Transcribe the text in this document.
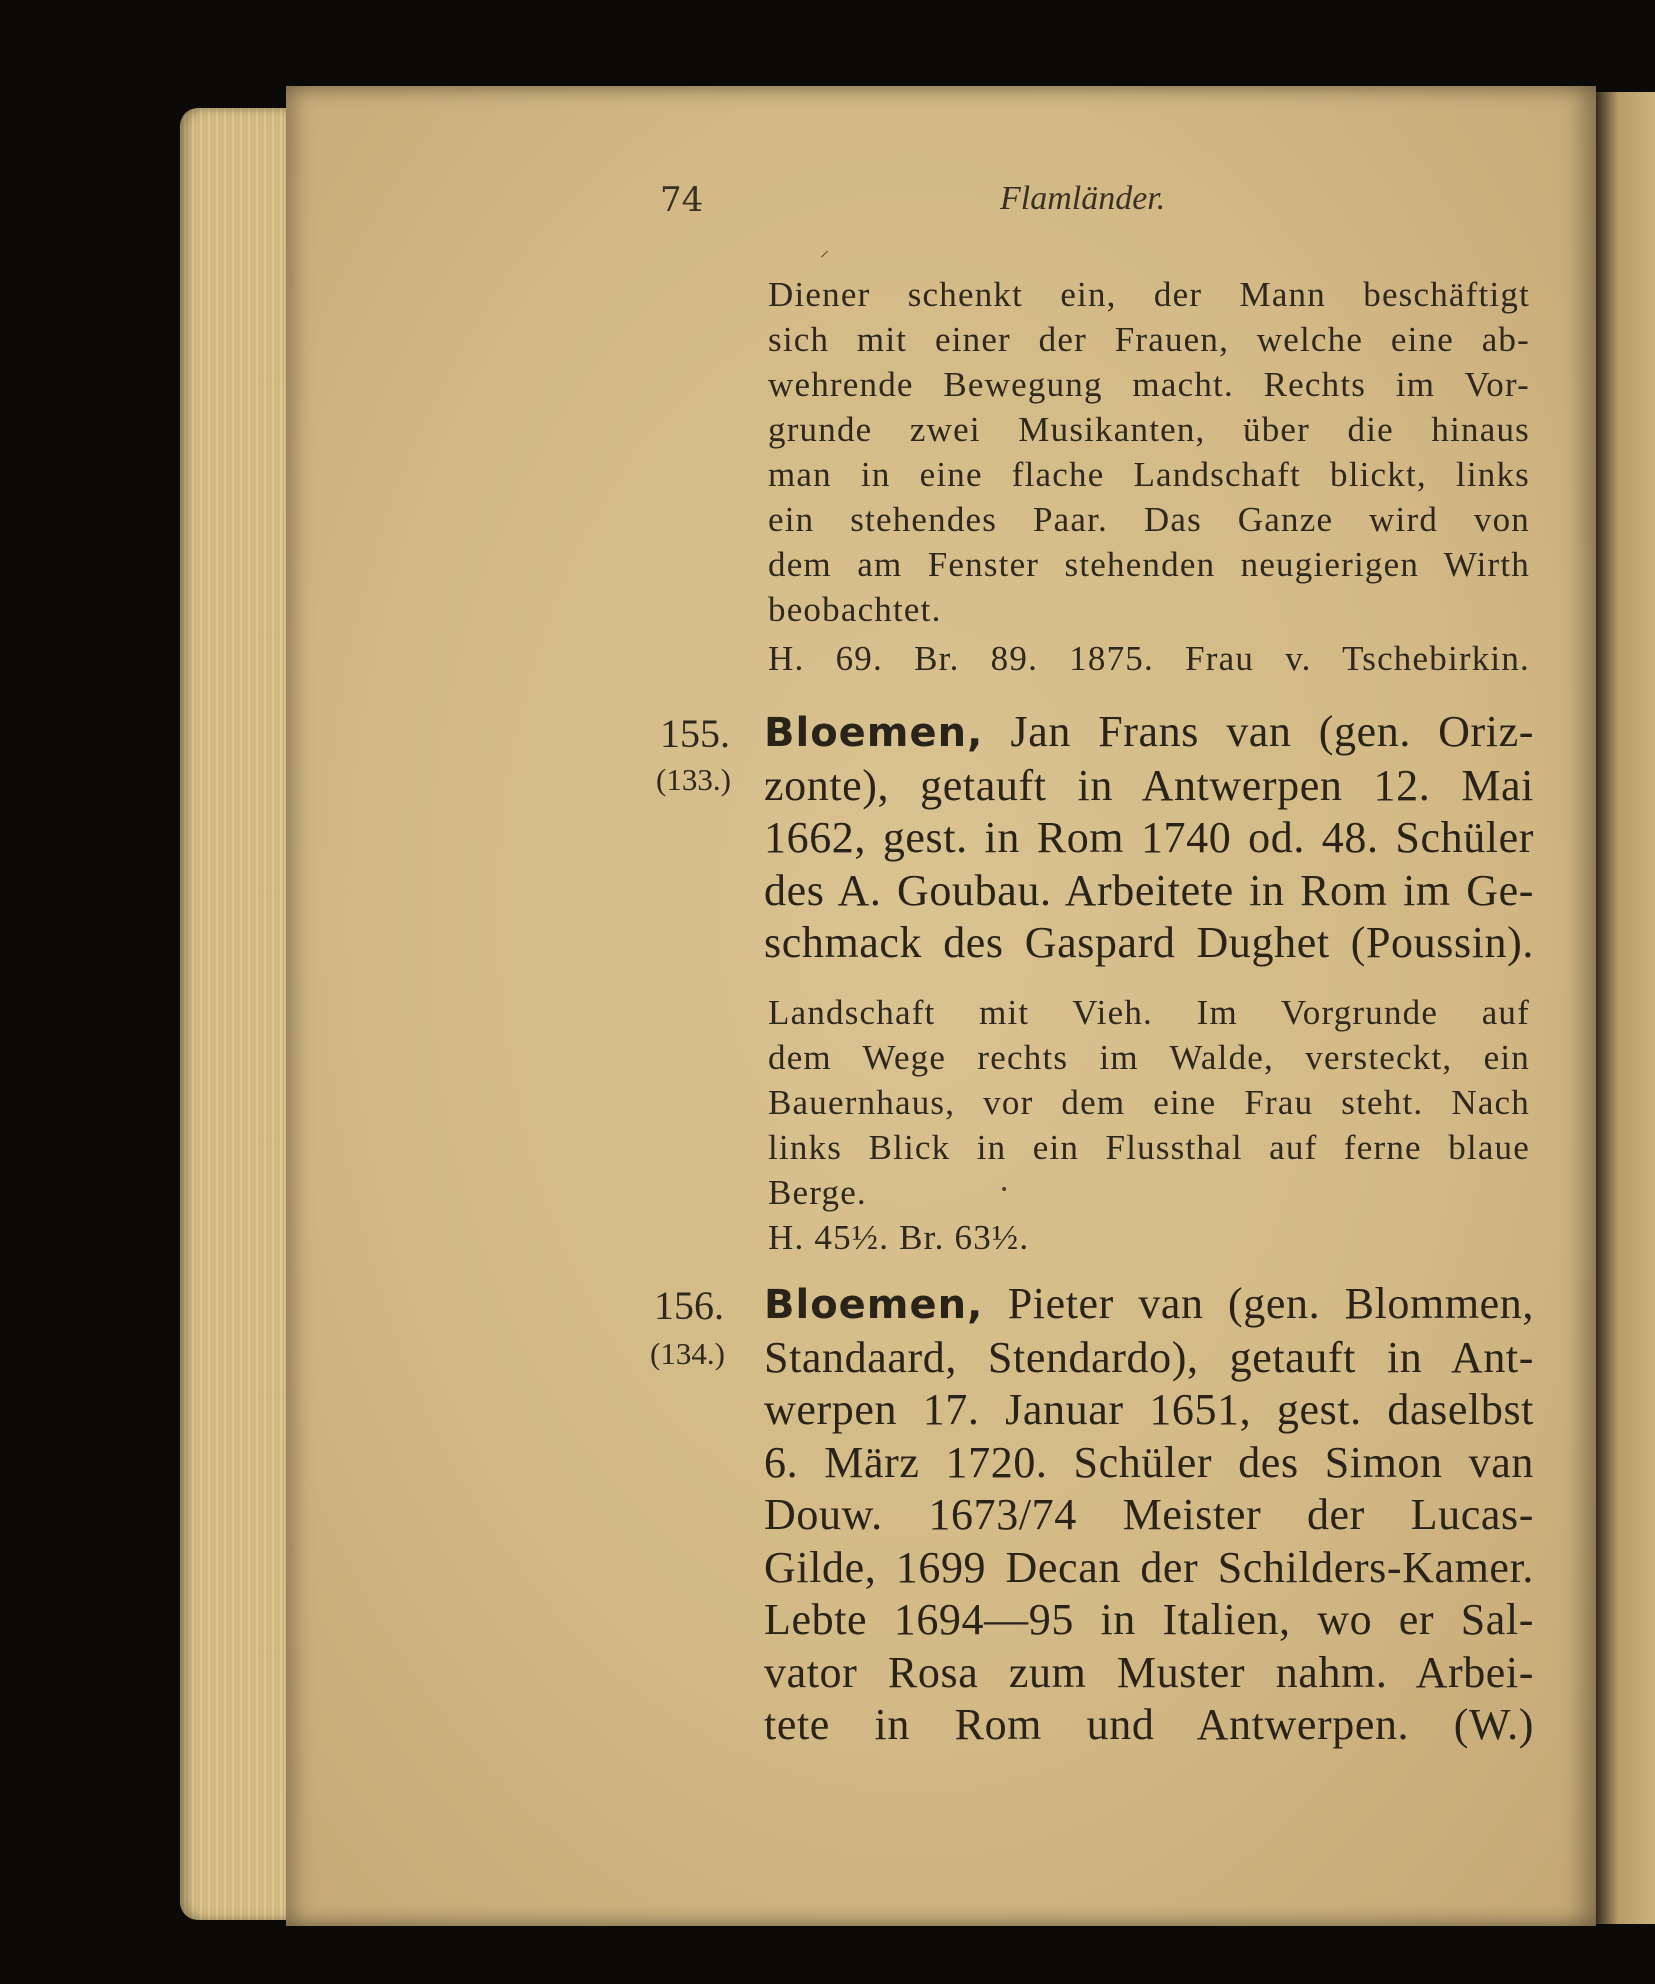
74	Flamländer.
⸝

Diener schenkt ein, der Mann beschäftigt

sich mit einer der Frauen, welche eine ab-

wehrende Bewegung macht. Rechts im Vor-

grunde zwei Musikanten, über die hinaus

man in eine flache Landschaft blickt, links

ein stehendes Paar. Das Ganze wird von

dem am Fenster stehenden neugierigen Wirth

beobachtet.

H. 69. Br. 89. 1875. Frau v. Tschebirkin.

155.
(133.)

Bloemen, Jan Frans van (gen. Oriz-

zonte), getauft in Antwerpen 12. Mai

1662, gest. in Rom 1740 od. 48. Schüler

des A. Goubau. Arbeitete in Rom im Ge-

schmack des Gaspard Dughet (Poussin).

Landschaft mit Vieh. Im Vorgrunde auf

dem Wege rechts im Walde, versteckt, ein

Bauernhaus, vor dem eine Frau steht. Nach

links Blick in ein Flussthal auf ferne blaue

Berge.

H. 45½. Br. 63½.

•
156.
(134.)

Bloemen, Pieter van (gen. Blommen,

Standaard, Stendardo), getauft in Ant-

werpen 17. Januar 1651, gest. daselbst

6. März 1720. Schüler des Simon van

Douw. 1673/74 Meister der Lucas-

Gilde, 1699 Decan der Schilders-Kamer.

Lebte 1694—95 in Italien, wo er Sal-

vator Rosa zum Muster nahm. Arbei-

tete in Rom und Antwerpen. (W.)
